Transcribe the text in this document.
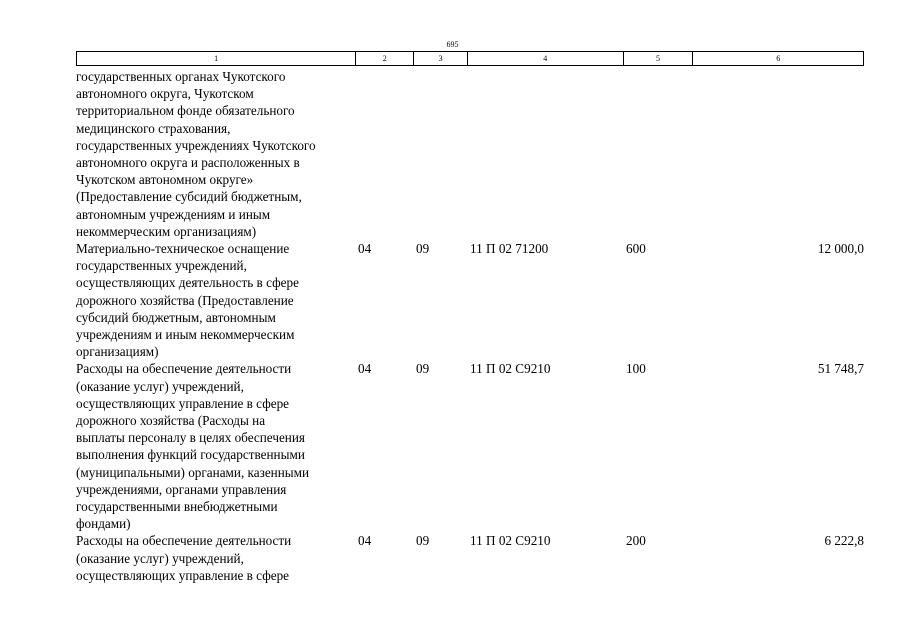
695
1	2	3	4	5	6
государственных органах Чукотского
автономного округа, Чукотском
территориальном фонде обязательного
медицинского страхования,
государственных учреждениях Чукотского
автономного округа и расположенных в
Чукотском автономном округе»
(Предоставление субсидий бюджетным,
автономным учреждениям и иным
некоммерческим организациям)
Материально-техническое оснащение
государственных учреждений,
осуществляющих деятельность в сфере
дорожного хозяйства (Предоставление
субсидий бюджетным, автономным
учреждениям и иным некоммерческим
организациям)
04	09	11 П 02 71200	600	12 000,0
Расходы на обеспечение деятельности
(оказание услуг) учреждений,
осуществляющих управление в сфере
дорожного хозяйства (Расходы на
выплаты персоналу в целях обеспечения
выполнения функций государственными
(муниципальными) органами, казенными
учреждениями, органами управления
государственными внебюджетными
фондами)
04	09	11 П 02 С9210	100	51 748,7
Расходы на обеспечение деятельности
(оказание услуг) учреждений,
осуществляющих управление в сфере
04	09	11 П 02 С9210	200	6 222,8
